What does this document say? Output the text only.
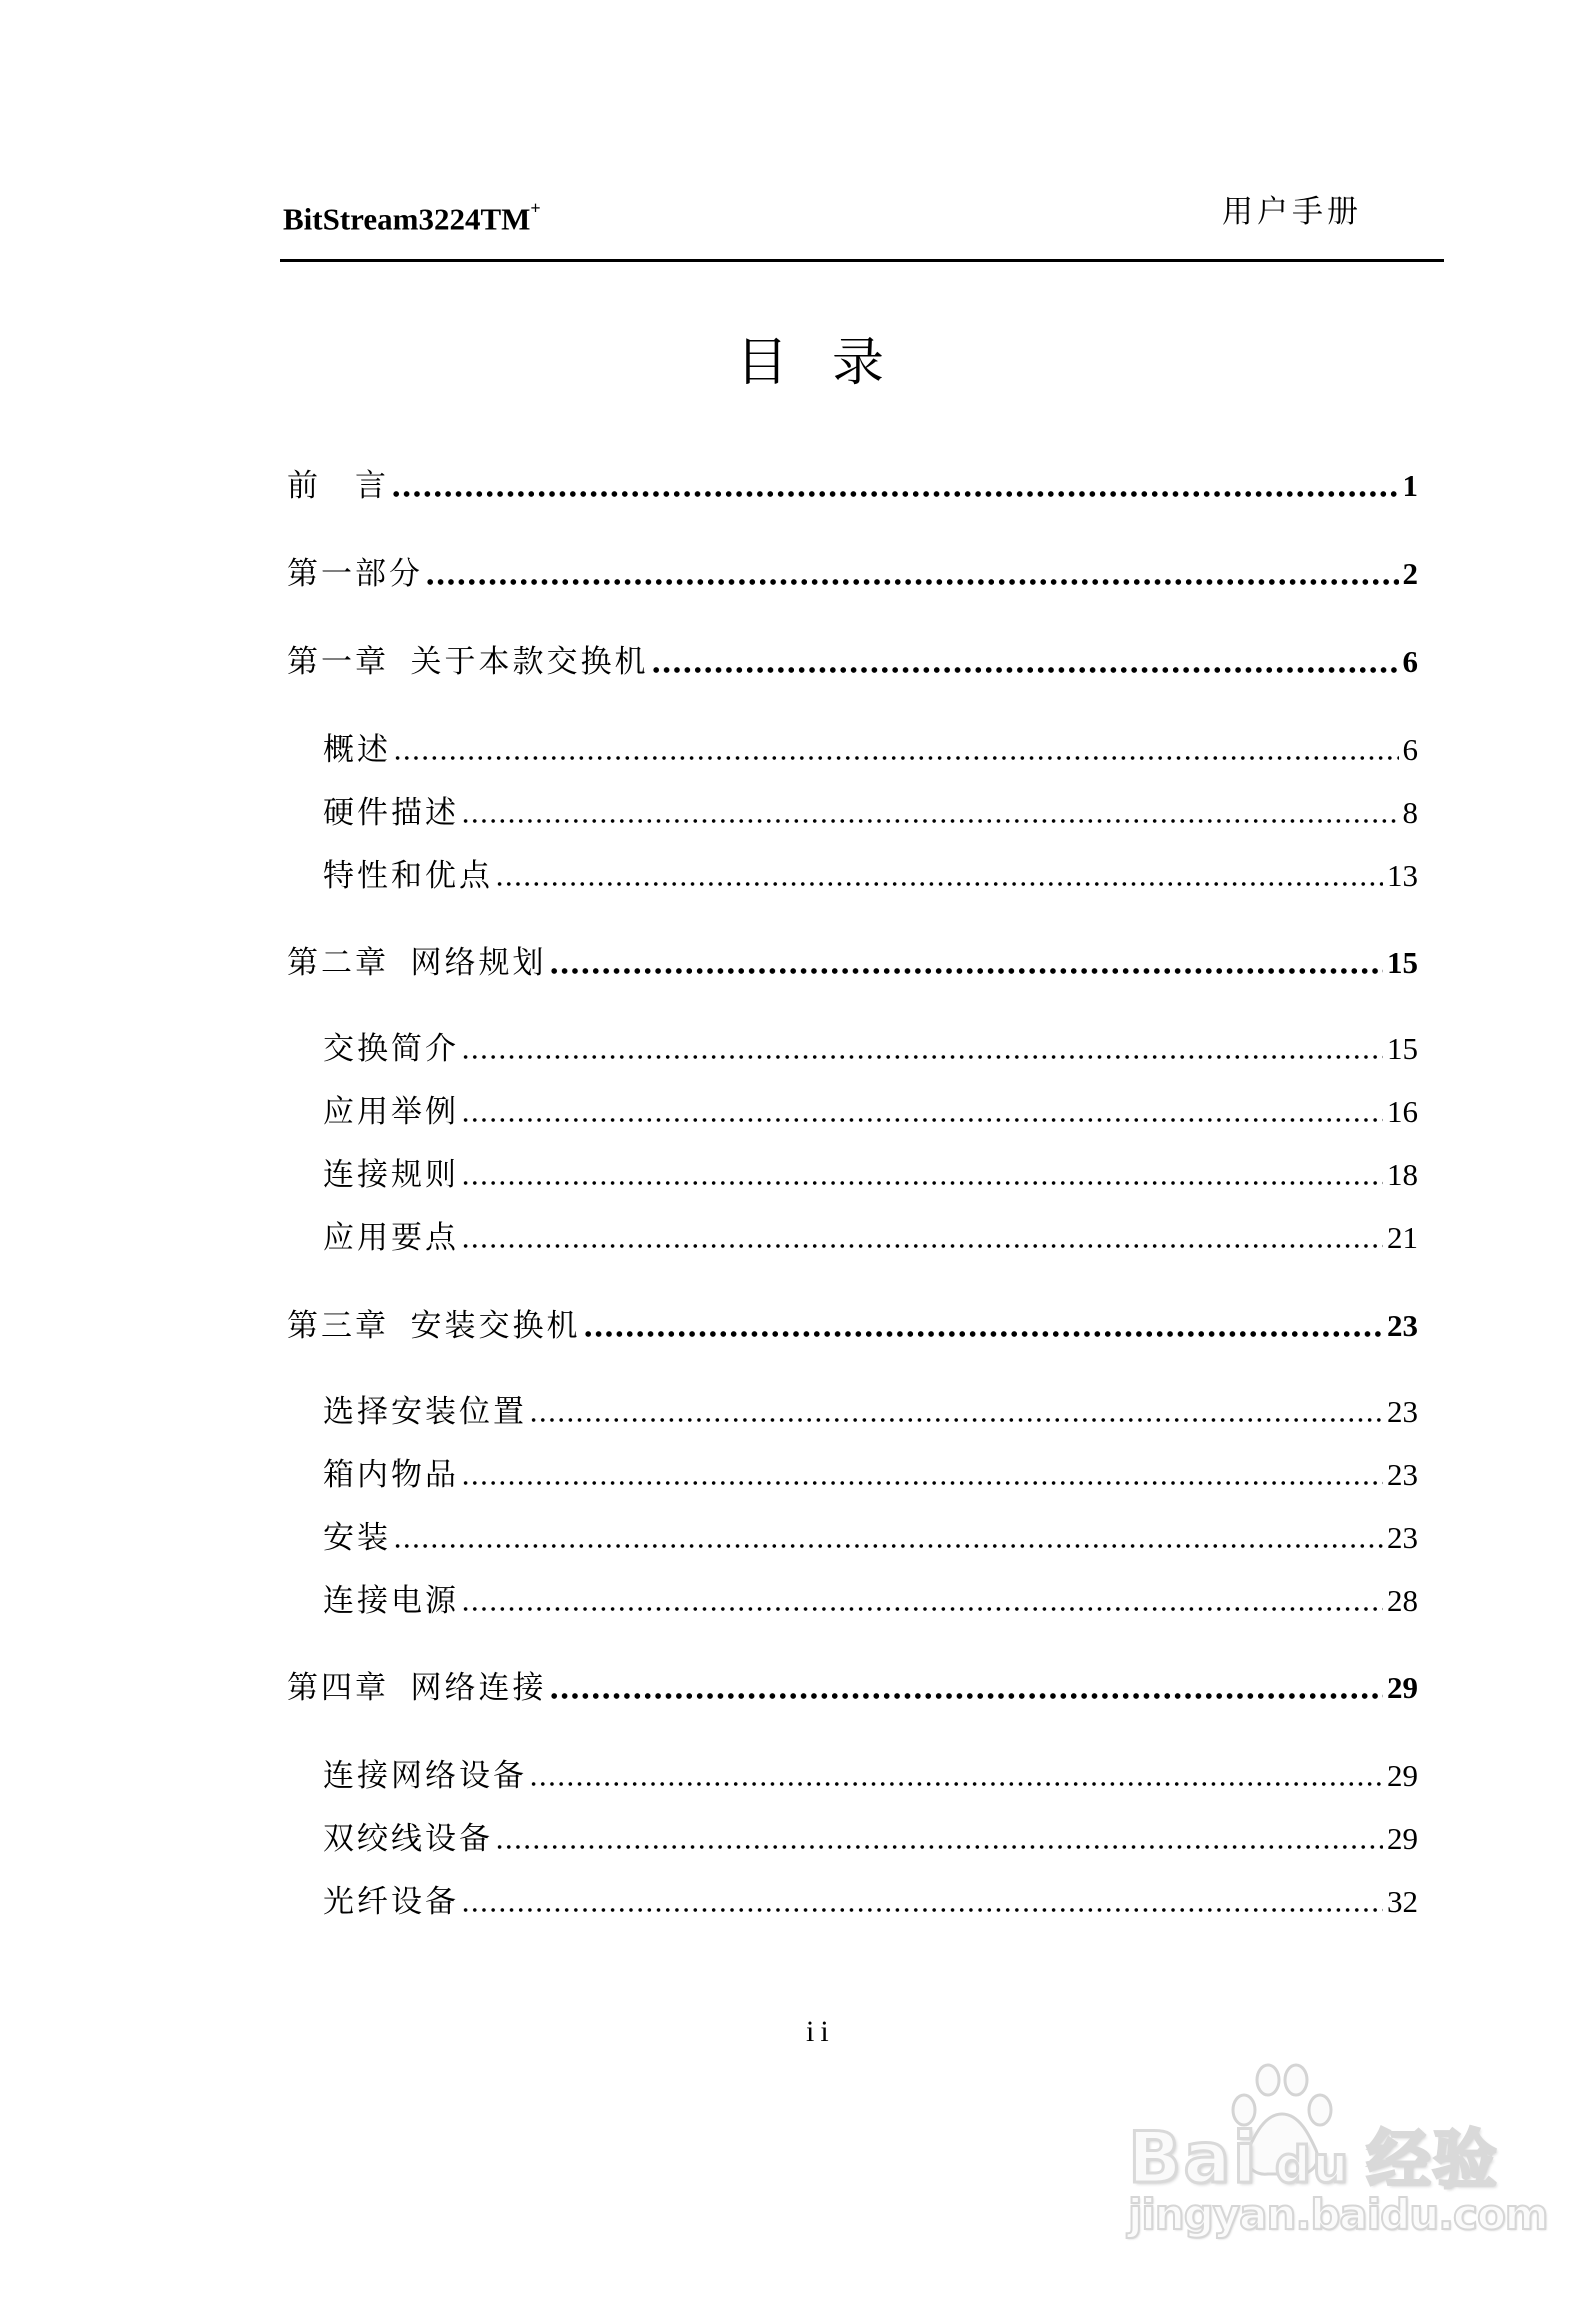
BitStream3224TM+	用户手册
目 录
前　言	1
第一部分	2
第一章  关于本款交换机	6
概述	6
硬件描述	8
特性和优点	13
第二章  网络规划	15
交换简介	15
应用举例	16
连接规则	18
应用要点	21
第三章  安装交换机	23
选择安装位置	23
箱内物品	23
安装	23
连接电源	28
第四章  网络连接	29
连接网络设备	29
双绞线设备	29
光纤设备	32
ii
Bai du 经验
jingyan.baidu.com
